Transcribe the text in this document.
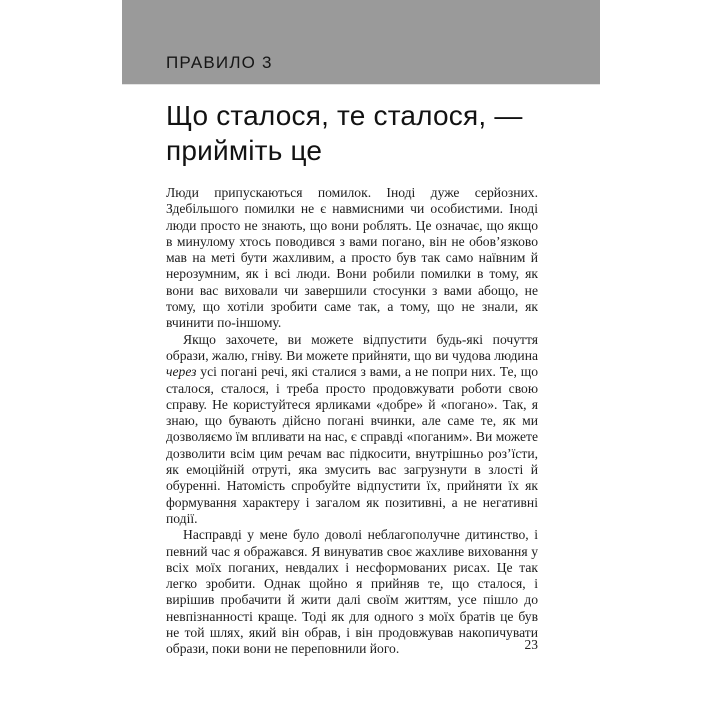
ПРАВИЛО 3
Що сталося, те сталося, —
прийміть це

Люди припускаються помилок. Іноді дуже серйозних. Здебільшого помилки не є навмисними чи особистими. Іноді люди просто не знають, що вони роблять. Це означає, що якщо в минулому хтось поводився з вами погано, він не обов’язково мав на меті бути жахливим, а просто був так само наївним й нерозумним, як і всі люди. Вони робили помилки в тому, як вони вас виховали чи завершили стосунки з вами абощо, не тому, що хотіли зробити саме так, а тому, що не знали, як вчинити по-іншому.

Якщо захочете, ви можете відпустити будь-які почуття образи, жалю, гніву. Ви можете прийняти, що ви чудова людина через усі погані речі, які сталися з вами, а не попри них. Те, що сталося, сталося, і треба просто продовжувати роботи свою справу. Не користуйтеся ярликами «добре» й «погано». Так, я знаю, що бувають дійсно погані вчинки, але саме те, як ми дозволяємо їм впливати на нас, є справді «поганим». Ви можете дозволити всім цим речам вас підкосити, внутрішньо роз’їсти, як емоційній отруті, яка змусить вас загрузнути в злості й обуренні. Натомість спробуйте відпустити їх, прийняти їх як формування характеру і загалом як позитивні, а не негативні події.

Насправді у мене було доволі неблагополучне дитинство, і певний час я ображався. Я винуватив своє жахливе виховання у всіх моїх поганих, невдалих і несформованих рисах. Це так легко зробити. Однак щойно я прийняв те, що сталося, і вирішив пробачити й жити далі своїм життям, усе пішло до невпізнанності краще. Тоді як для одного з моїх братів це був не той шлях, який він обрав, і він продовжував накопичувати образи, поки вони не переповнили його.	23
